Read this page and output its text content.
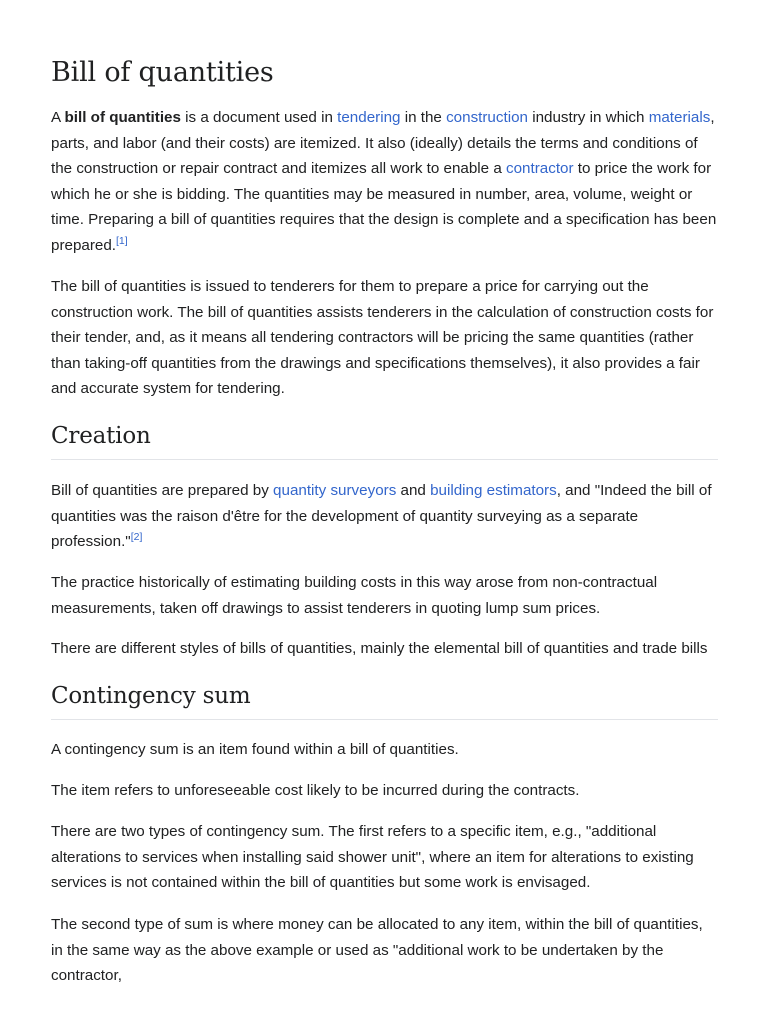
Bill of quantities

A bill of quantities is a document used in tendering in the construction industry in which materials, parts, and labor (and their costs) are itemized. It also (ideally) details the terms and conditions of the construction or repair contract and itemizes all work to enable a contractor to price the work for which he or she is bidding. The quantities may be measured in number, area, volume, weight or time. Preparing a bill of quantities requires that the design is complete and a specification has been prepared.[1]

The bill of quantities is issued to tenderers for them to prepare a price for carrying out the construction work. The bill of quantities assists tenderers in the calculation of construction costs for their tender, and, as it means all tendering contractors will be pricing the same quantities (rather than taking-off quantities from the drawings and specifications themselves), it also provides a fair and accurate system for tendering.

Creation

Bill of quantities are prepared by quantity surveyors and building estimators, and "Indeed the bill of quantities was the raison d'être for the development of quantity surveying as a separate profession."[2]

The practice historically of estimating building costs in this way arose from non-contractual measurements, taken off drawings to assist tenderers in quoting lump sum prices.

There are different styles of bills of quantities, mainly the elemental bill of quantities and trade bills

Contingency sum

A contingency sum is an item found within a bill of quantities.

The item refers to unforeseeable cost likely to be incurred during the contracts.

There are two types of contingency sum. The first refers to a specific item, e.g., "additional alterations to services when installing said shower unit", where an item for alterations to existing services is not contained within the bill of quantities but some work is envisaged.

The second type of sum is where money can be allocated to any item, within the bill of quantities, in the same way as the above example or used as "additional work to be undertaken by the contractor,
